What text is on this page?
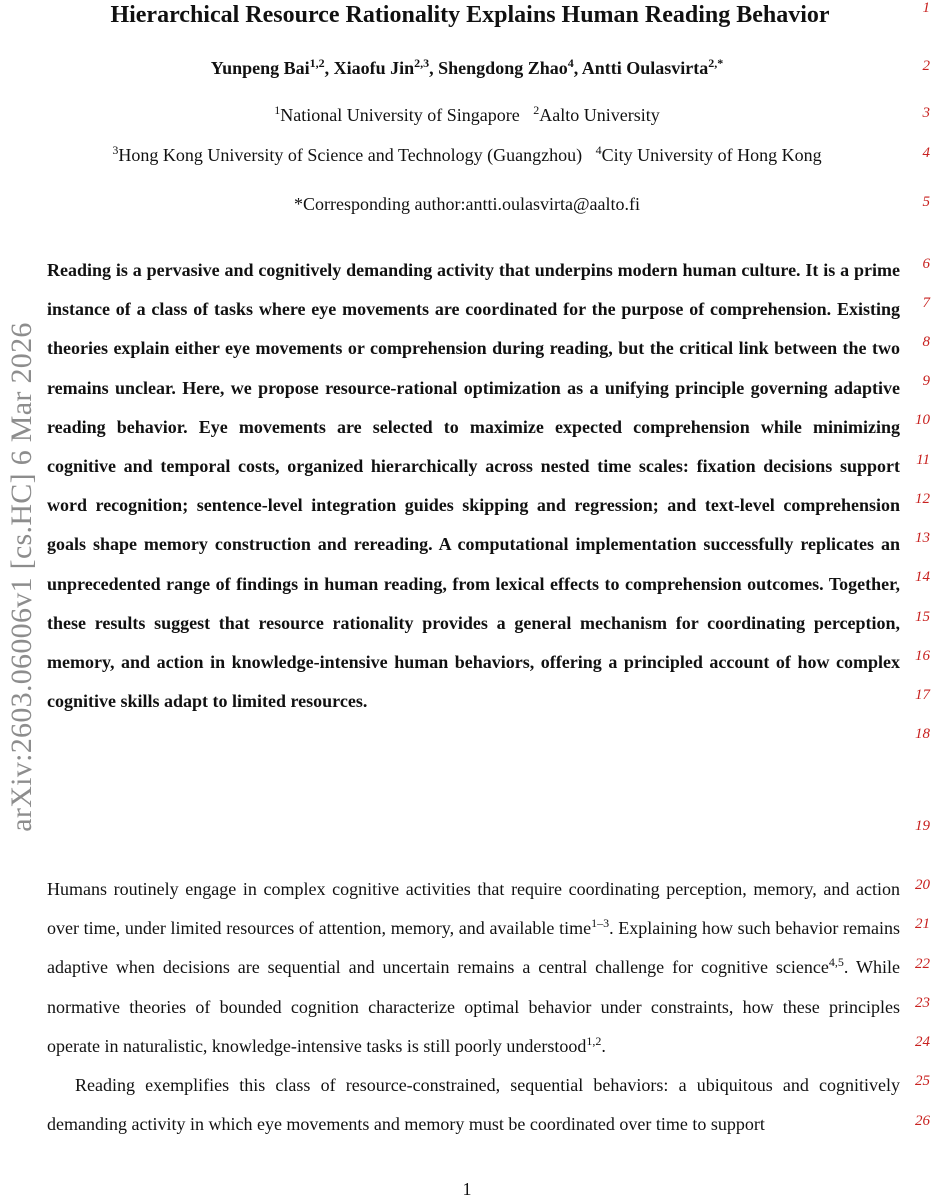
Hierarchical Resource Rationality Explains Human Reading Behavior
Yunpeng Bai$^{1,2}$, Xiaofu Jin$^{2,3}$, Shengdong Zhao$^4$, Antti Oulasvirta$^{2,*}$
$^1$National University of Singapore $^2$Aalto University
$^3$Hong Kong University of Science and Technology (Guangzhou) $^4$City University of Hong Kong
*Corresponding author:antti.oulasvirta@aalto.fi
arXiv:2603.06006v1 [cs.HC] 6 Mar 2026

Reading is a pervasive and cognitively demanding activity that underpins modern human culture. It is a prime instance of a class of tasks where eye movements are coordinated for the purpose of comprehension. Existing theories explain either eye movements or comprehension during reading, but the critical link between the two remains unclear. Here, we propose resource-rational optimization as a unifying principle governing adaptive reading behavior. Eye movements are selected to maximize expected comprehension while minimizing cognitive and temporal costs, organized hierarchically across nested time scales: fixation decisions support word recognition; sentence-level integration guides skipping and regression; and text-level comprehension goals shape memory construction and rereading. A computational implementation successfully replicates an unprecedented range of findings in human reading, from lexical effects to comprehension outcomes. Together, these results suggest that resource rationality provides a general mechanism for coordinating perception, memory, and action in knowledge-intensive human behaviors, offering a principled account of how complex cognitive skills adapt to limited resources.

Humans routinely engage in complex cognitive activities that require coordinating perception, memory, and action over time, under limited resources of attention, memory, and available time$^{1-3}$. Explaining how such behavior remains adaptive when decisions are sequential and uncertain remains a central challenge for cognitive science$^{4,5}$. While normative theories of bounded cognition characterize optimal behavior under constraints, how these principles operate in naturalistic, knowledge-intensive tasks is still poorly understood$^{1,2}$.

Reading exemplifies this class of resource-constrained, sequential behaviors: a ubiquitous and cognitively demanding activity in which eye movements and memory must be coordinated over time to support

1
2
3
4
5
6
7
8
9
10
11
12
13
14
15
16
17
18
19
20
21
22
23
24
25
26
1
